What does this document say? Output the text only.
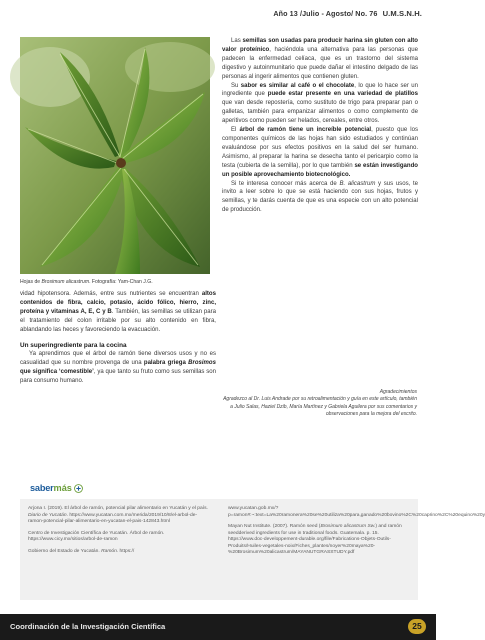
Año 13 /Julio - Agosto/ No. 76 U.M.S.N.H.
Hojas de Brosimum alicastrum. Fotografía: Yam-Chan J.G.

Las semillas son usadas para producir harina sin gluten con alto valor proteínico, haciéndola una alternativa para las personas que padecen la enfermedad celíaca, que es un trastorno del sistema digestivo y autoinmunitario que puede dañar el intestino delgado de las personas al ingerir alimentos que contienen gluten.

Su sabor es similar al café o el chocolate, lo que lo hace ser un ingrediente que puede estar presente en una variedad de platillos que van desde repostería, como sustituto de trigo para preparar pan o galletas, también para empanizar alimentos o como complemento de aperitivos como pueden ser helados, cereales, entre otros.

El árbol de ramón tiene un increíble potencial, puesto que los componentes químicos de las hojas han sido estudiados y continúan evaluándose por sus efectos positivos en la salud del ser humano. Asimismo, al preparar la harina se desecha tanto el pericarpio como la testa (cubierta de la semilla), por lo que también se están investigando un posible aprovechamiento biotecnológico.

Si te interesa conocer más acerca de B. alicastrum y sus usos, te invito a leer sobre lo que se está haciendo con sus hojas, frutos y semillas, y te darás cuenta de que es una especie con un alto potencial de producción.

vidad hipotensora. Además, entre sus nutrientes se encuentran altos contenidos de fibra, calcio, potasio, ácido fólico, hierro, zinc, proteína y vitaminas A, E, C y B. También, las semillas se utilizan para el tratamiento del colon irritable por su alto contenido en fibra, ablandando las heces y favoreciendo la evacuación.

Un superingrediente para la cocina

Ya aprendimos que el árbol de ramón tiene diversos usos y no es casualidad que su nombre provenga de una palabra griega Brosimos que significa ‘comestible’, ya que tanto su fruto como sus semillas son para consumo humano.

Agradecimientos
Agradezco al Dr. Luis Andrade por su retroalimentación y guía en este artículo, también a Julio Salas, Haziel Dzib, María Martínez y Gabriela Aguilera por sus comentarios y observaciones para la mejora del escrito.
saber más

Arjona I. (2019). El árbol de ramón, potencial pilar alimentario en Yucatán y el país. Diario de Yucatán. https://www.yucatan.com.mx/merida/2019/10/8/el-arbol-de-ramon-potencial-pilar-alimentario-en-yucatan-el-pais-142843.html

Centro de Investigación Científica de Yucatán. Árbol de ramón. https://www.cicy.mx/sitios/arbol-de-ramon

Gobierno del Estado de Yucatán. Ramón. https://

www.yucatan.gob.mx/?p=ramon#:~:text=La%20ramonera%20se%20utiliza%20para,ganado%20bovino%2C%20caprino%2C%20equino%20y

Mayan Nut Institute. (2007). Ramón seed (Brosimum alicastrum Sw.) and ramón seedderived ingredients for use in traditional foods. Guatemala. p. 15. https://www.doc-developpement-durable.org/file/Fabrications-Objets-Outils-Produits/Huiles-vegetales-noix/Fiches_plantes/noyer%20maya%20-%20Brosimum%20alicastrum/MAYANUTGRASSTUDY.pdf

Coordinación de la Investigación Científica	25
